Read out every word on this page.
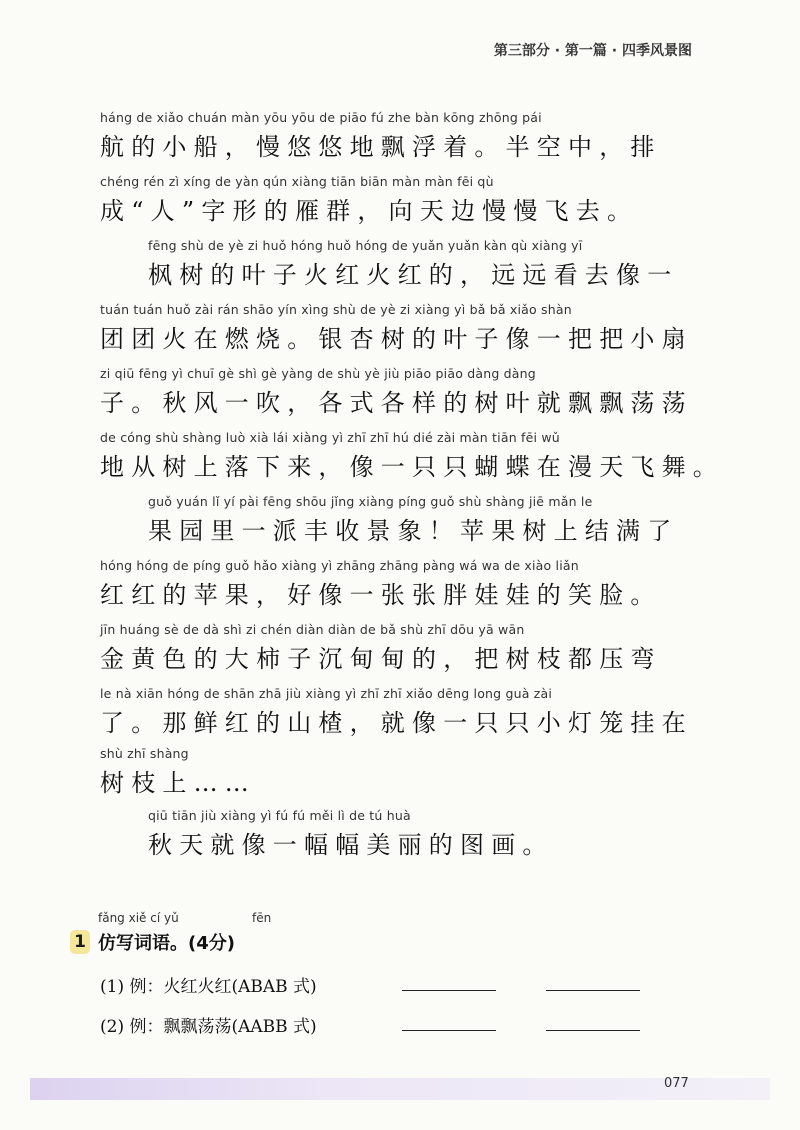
第三部分 · 第一篇 · 四季风景图
háng de xiǎo chuán màn yōu yōu de piāo fú zhe bàn kōng zhōng pái
航的小船，慢悠悠地飘浮着。半空中，排
chéng rén zì xíng de yàn qún xiàng tiān biān màn màn fēi qù
成“人”字形的雁群，向天边慢慢飞去。
fēng shù de yè zi huǒ hóng huǒ hóng de yuǎn yuǎn kàn qù xiàng yī
枫树的叶子火红火红的，远远看去像一
tuán tuán huǒ zài rán shāo yín xìng shù de yè zi xiàng yì bǎ bǎ xiǎo shàn
团团火在燃烧。银杏树的叶子像一把把小扇
zi qiū fēng yì chuī gè shì gè yàng de shù yè jiù piāo piāo dàng dàng
子。秋风一吹，各式各样的树叶就飘飘荡荡
de cóng shù shàng luò xià lái xiàng yì zhī zhī hú dié zài màn tiān fēi wǔ
地从树上落下来，像一只只蝴蝶在漫天飞舞。
guǒ yuán lǐ yí pài fēng shōu jǐng xiàng píng guǒ shù shàng jiē mǎn le
果园里一派丰收景象！苹果树上结满了
hóng hóng de píng guǒ hǎo xiàng yì zhāng zhāng pàng wá wa de xiào liǎn
红红的苹果，好像一张张胖娃娃的笑脸。
jīn huáng sè de dà shì zi chén diàn diàn de bǎ shù zhī dōu yā wān
金黄色的大柿子沉甸甸的，把树枝都压弯
le nà xiān hóng de shān zhā jiù xiàng yì zhī zhī xiǎo dēng long guà zài
了。那鲜红的山楂，就像一只只小灯笼挂在
shù zhī shàng
树枝上……
qiū tiān jiù xiàng yì fú fú měi lì de tú huà
秋天就像一幅幅美丽的图画。
fǎng xiě cí yǔ	fēn
1 仿写词语。(4分)
(1) 例：火红火红(ABAB 式)
(2) 例：飘飘荡荡(AABB 式)
077
